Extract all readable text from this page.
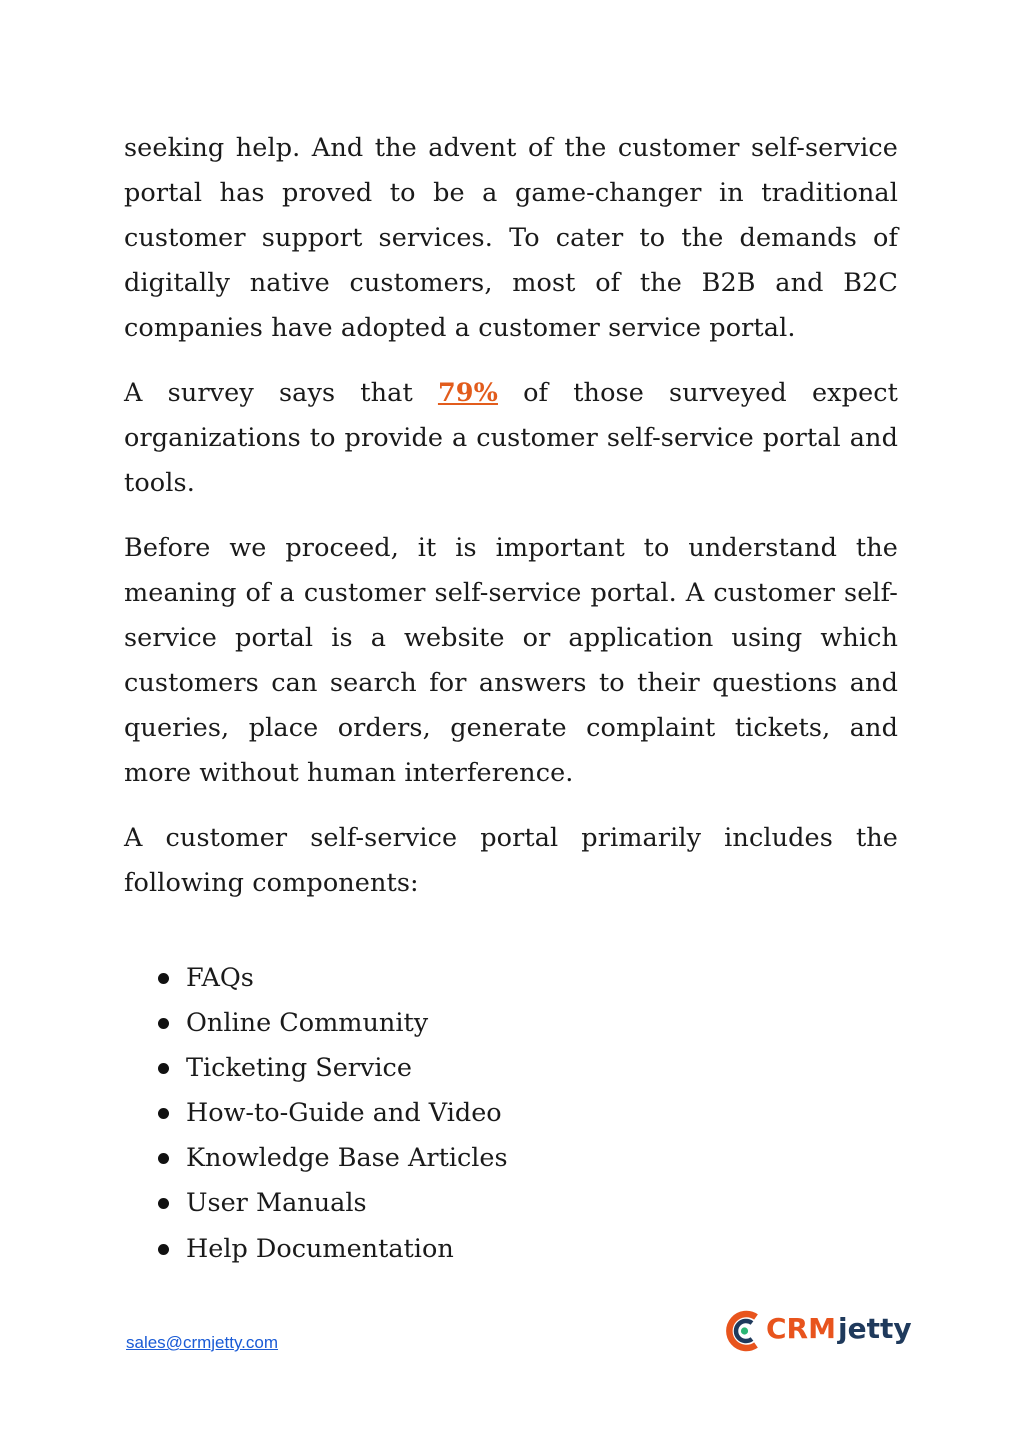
seeking help. And the advent of the customer self-service portal has proved to be a game-changer in traditional customer support services. To cater to the demands of digitally native customers, most of the B2B and B2C companies have adopted a customer service portal.

A survey says that 79% of those surveyed expect organizations to provide a customer self-service portal and tools.

Before we proceed, it is important to understand the meaning of a customer self-service portal. A customer self-service portal is a website or application using which customers can search for answers to their questions and queries, place orders, generate complaint tickets, and more without human interference.

A customer self-service portal primarily includes the following components:

FAQs
Online Community
Ticketing Service
How-to-Guide and Video
Knowledge Base Articles
User Manuals
Help Documentation
sales@crmjetty.com	CRMjetty
